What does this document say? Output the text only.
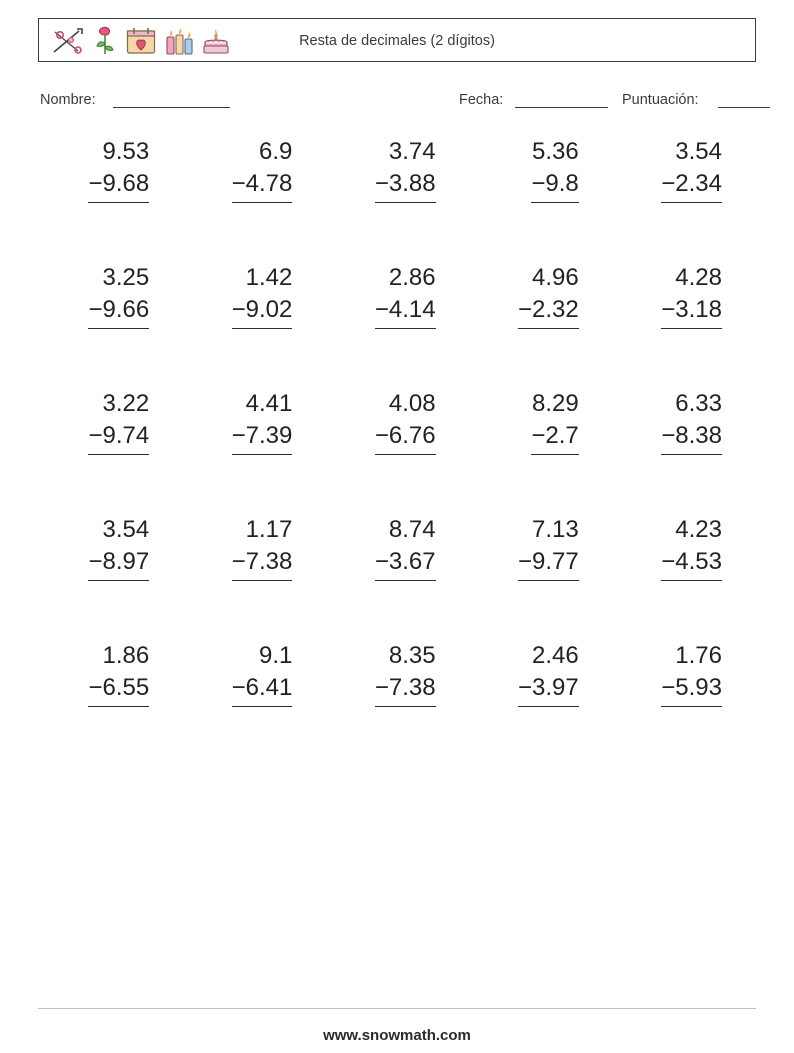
Resta de decimales (2 dígitos)
Nombre:	Fecha:	Puntuación:
9.53
−9.68
6.9
−4.78
3.74
−3.88
5.36
−9.8
3.54
−2.34
3.25
−9.66
1.42
−9.02
2.86
−4.14
4.96
−2.32
4.28
−3.18
3.22
−9.74
4.41
−7.39
4.08
−6.76
8.29
−2.7
6.33
−8.38
3.54
−8.97
1.17
−7.38
8.74
−3.67
7.13
−9.77
4.23
−4.53
1.86
−6.55
9.1
−6.41
8.35
−7.38
2.46
−3.97
1.76
−5.93
www.snowmath.com
